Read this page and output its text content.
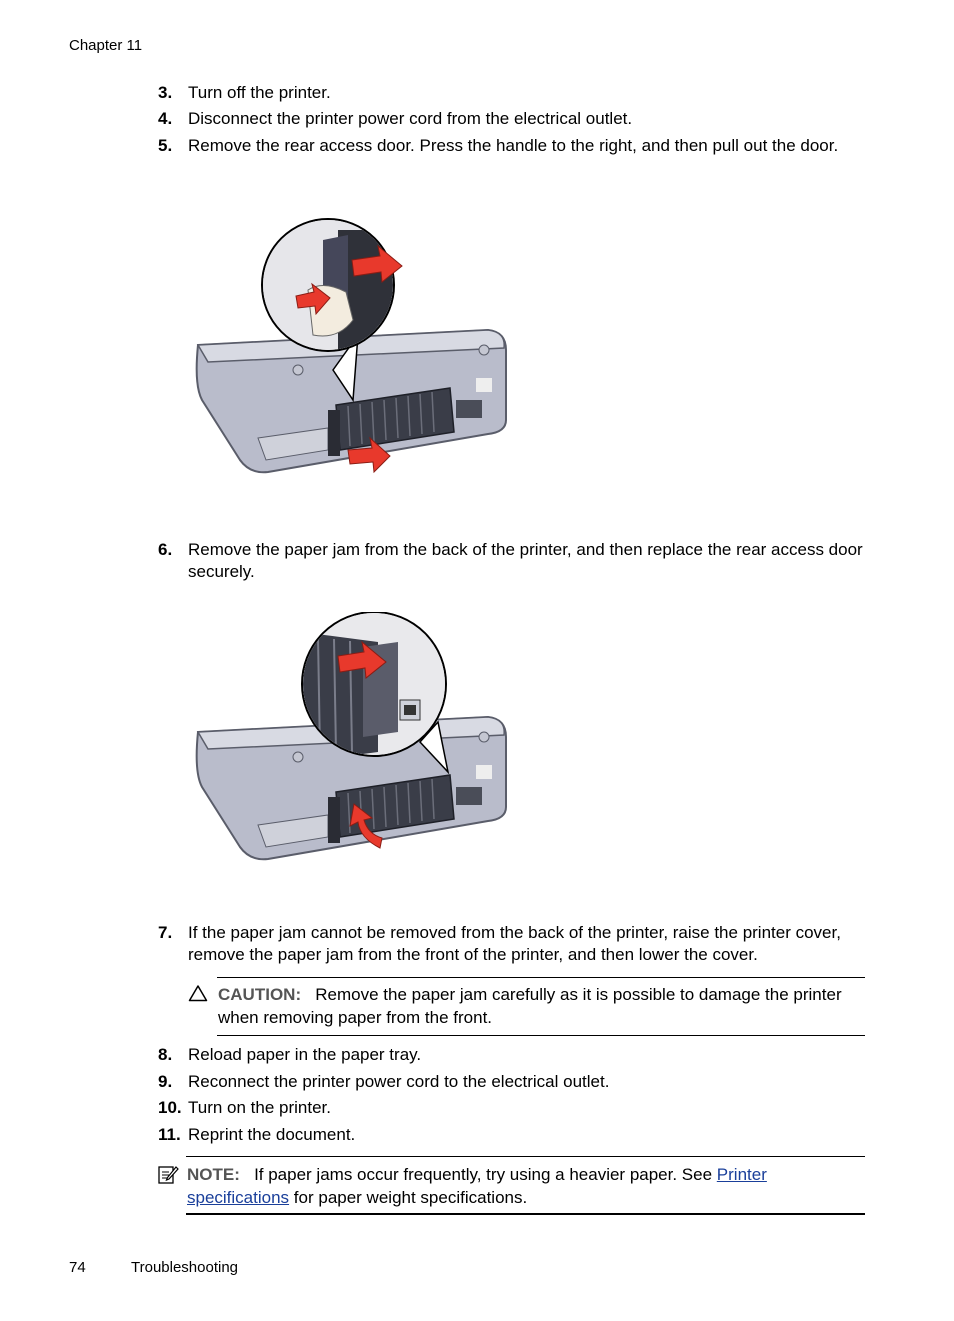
Chapter 11
3. Turn off the printer.
4. Disconnect the printer power cord from the electrical outlet.
5. Remove the rear access door. Press the handle to the right, and then pull out the door.
6. Remove the paper jam from the back of the printer, and then replace the rear access door securely.
7. If the paper jam cannot be removed from the back of the printer, raise the printer cover, remove the paper jam from the front of the printer, and then lower the cover.
CAUTION: Remove the paper jam carefully as it is possible to damage the printer when removing paper from the front.
8. Reload paper in the paper tray.
9. Reconnect the printer power cord to the electrical outlet.
10. Turn on the printer.
11. Reprint the document.
NOTE: If paper jams occur frequently, try using a heavier paper. See Printer specifications for paper weight specifications.
74	Troubleshooting
